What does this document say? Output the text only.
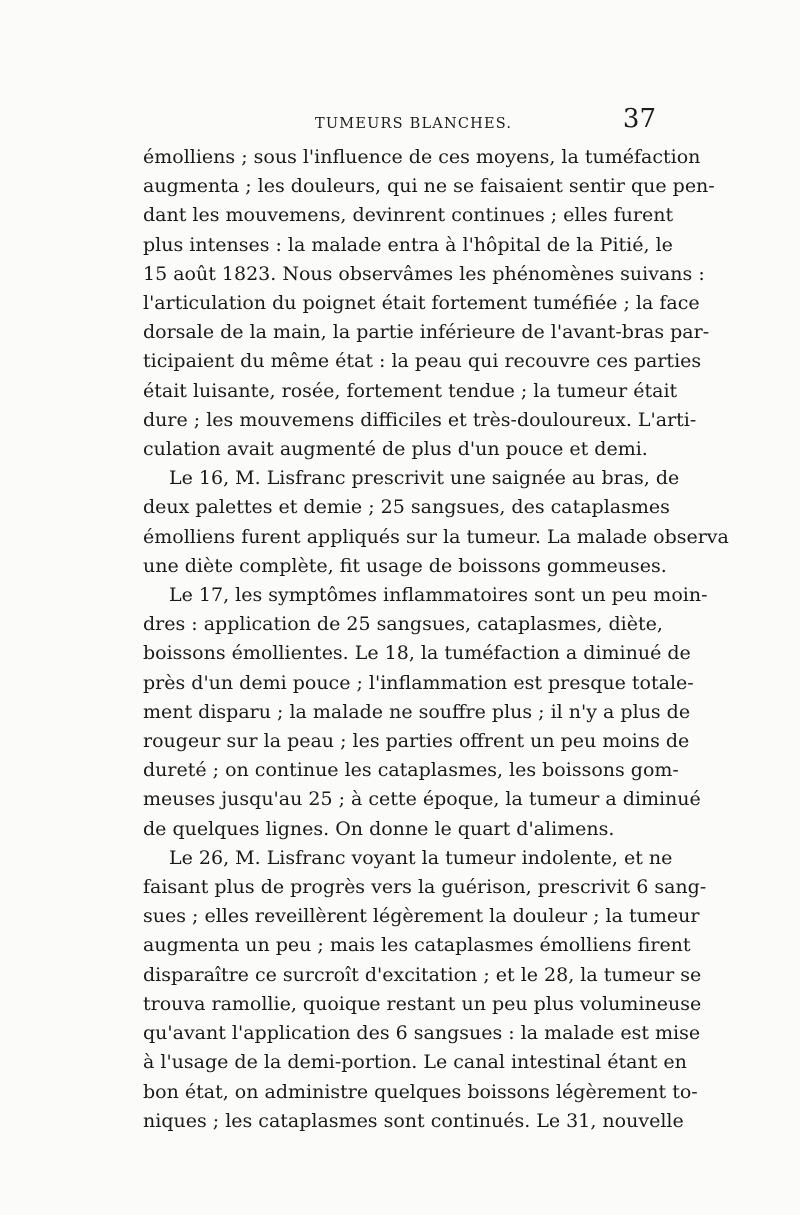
TUMEURS BLANCHES.	37
émolliens ; sous l'influence de ces moyens, la tuméfaction
augmenta ; les douleurs, qui ne se faisaient sentir que pen-
dant les mouvemens, devinrent continues ; elles furent
plus intenses : la malade entra à l'hôpital de la Pitié, le
15 août 1823. Nous observâmes les phénomènes suivans :
l'articulation du poignet était fortement tuméfiée ; la face
dorsale de la main, la partie inférieure de l'avant-bras par-
ticipaient du même état : la peau qui recouvre ces parties
était luisante, rosée, fortement tendue ; la tumeur était
dure ; les mouvemens difficiles et très-douloureux. L'arti-
culation avait augmenté de plus d'un pouce et demi.
Le 16, M. Lisfranc prescrivit une saignée au bras, de
deux palettes et demie ; 25 sangsues, des cataplasmes
émolliens furent appliqués sur la tumeur. La malade observa
une diète complète, fit usage de boissons gommeuses.
Le 17, les symptômes inflammatoires sont un peu moin-
dres : application de 25 sangsues, cataplasmes, diète,
boissons émollientes. Le 18, la tuméfaction a diminué de
près d'un demi pouce ; l'inflammation est presque totale-
ment disparu ; la malade ne souffre plus ; il n'y a plus de
rougeur sur la peau ; les parties offrent un peu moins de
dureté ; on continue les cataplasmes, les boissons gom-
meuses jusqu'au 25 ; à cette époque, la tumeur a diminué
de quelques lignes. On donne le quart d'alimens.
Le 26, M. Lisfranc voyant la tumeur indolente, et ne
faisant plus de progrès vers la guérison, prescrivit 6 sang-
sues ; elles reveillèrent légèrement la douleur ; la tumeur
augmenta un peu ; mais les cataplasmes émolliens firent
disparaître ce surcroît d'excitation ; et le 28, la tumeur se
trouva ramollie, quoique restant un peu plus volumineuse
qu'avant l'application des 6 sangsues : la malade est mise
à l'usage de la demi-portion. Le canal intestinal étant en
bon état, on administre quelques boissons légèrement to-
niques ; les cataplasmes sont continués. Le 31, nouvelle
